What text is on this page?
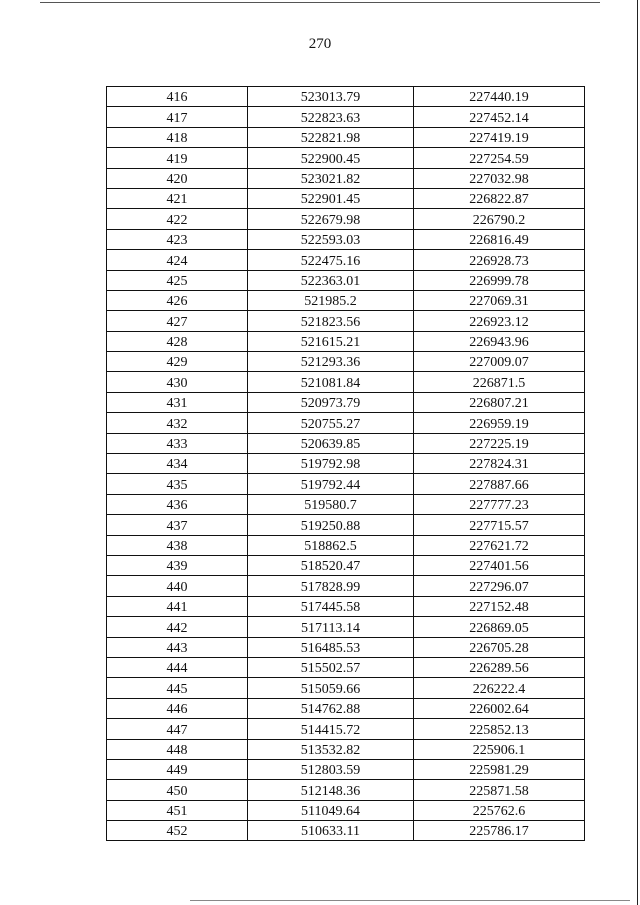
270
416	523013.79	227440.19
417	522823.63	227452.14
418	522821.98	227419.19
419	522900.45	227254.59
420	523021.82	227032.98
421	522901.45	226822.87
422	522679.98	226790.2
423	522593.03	226816.49
424	522475.16	226928.73
425	522363.01	226999.78
426	521985.2	227069.31
427	521823.56	226923.12
428	521615.21	226943.96
429	521293.36	227009.07
430	521081.84	226871.5
431	520973.79	226807.21
432	520755.27	226959.19
433	520639.85	227225.19
434	519792.98	227824.31
435	519792.44	227887.66
436	519580.7	227777.23
437	519250.88	227715.57
438	518862.5	227621.72
439	518520.47	227401.56
440	517828.99	227296.07
441	517445.58	227152.48
442	517113.14	226869.05
443	516485.53	226705.28
444	515502.57	226289.56
445	515059.66	226222.4
446	514762.88	226002.64
447	514415.72	225852.13
448	513532.82	225906.1
449	512803.59	225981.29
450	512148.36	225871.58
451	511049.64	225762.6
452	510633.11	225786.17
